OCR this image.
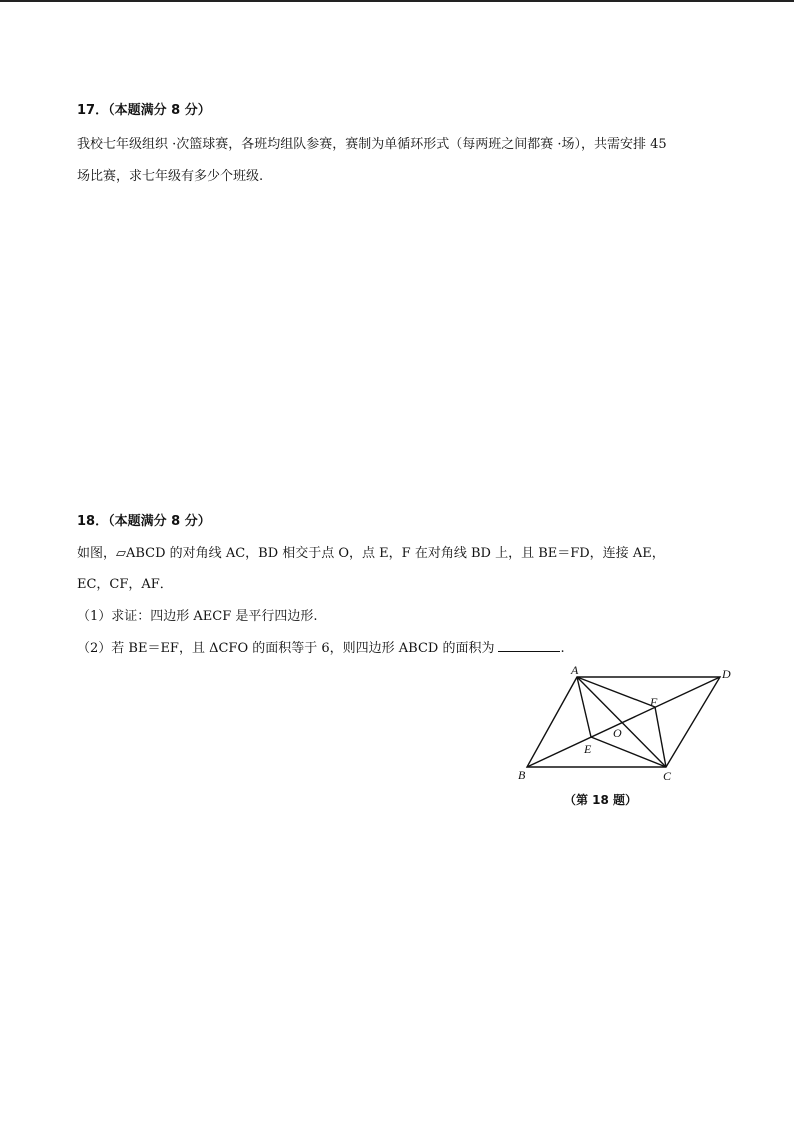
17．（本题满分 8 分）
我校七年级组织 ·次篮球赛，各班均组队参赛，赛制为单循环形式（每两班之间都赛 ·场），共需安排 45
场比赛，求七年级有多少个班级.
18．（本题满分 8 分）
如图，▱ABCD 的对角线 AC，BD 相交于点 O，点 E，F 在对角线 BD 上，且 BE＝FD，连接 AE，
EC，CF，AF．
（1）求证：四边形 AECF 是平行四边形.
（2）若 BE＝EF，且 ΔCFO 的面积等于 6，则四边形 ABCD 的面积为	.
A	D
B	C
F
E
O
（第 18 题）
